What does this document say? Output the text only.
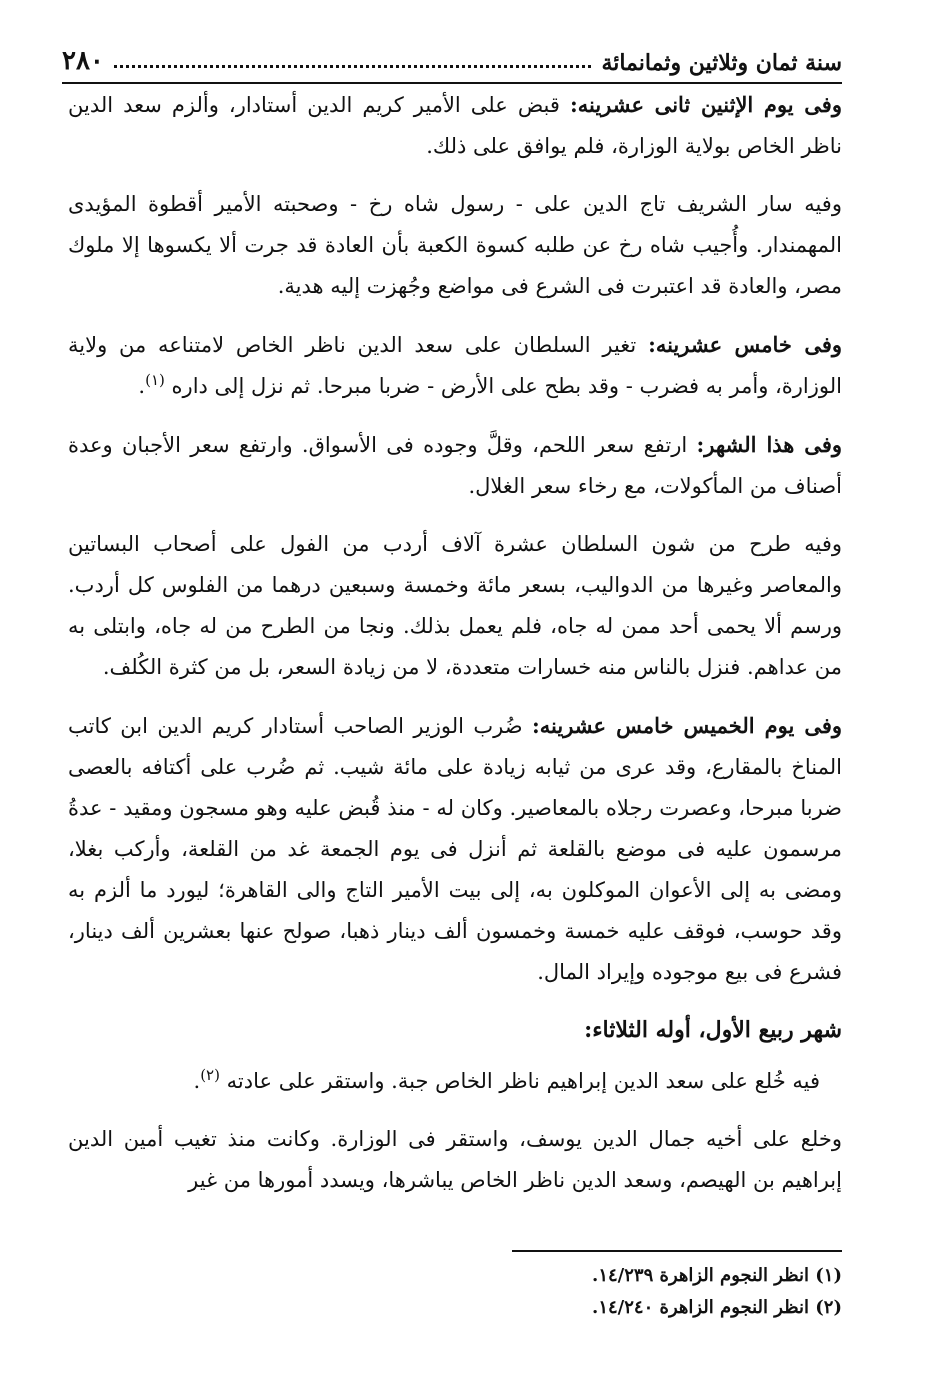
سنة ثمان وثلاثين وثمانمائة
٢٨٠

وفى يوم الإثنين ثانى عشرينه: قبض على الأمير كريم الدين أستادار، وألزم سعد الدين ناظر الخاص بولاية الوزارة، فلم يوافق على ذلك.

وفيه سار الشريف تاج الدين على - رسول شاه رخ - وصحبته الأمير أقطوة المؤيدى المهمندار. وأُجيب شاه رخ عن طلبه كسوة الكعبة بأن العادة قد جرت ألا يكسوها إلا ملوك مصر، والعادة قد اعتبرت فى الشرع فى مواضع وجُهزت إليه هدية.

وفى خامس عشرينه: تغير السلطان على سعد الدين ناظر الخاص لامتناعه من ولاية الوزارة، وأمر به فضرب - وقد بطح على الأرض - ضربا مبرحا. ثم نزل إلى داره $^{(١)}$.

وفى هذا الشهر: ارتفع سعر اللحم، وقلَّ وجوده فى الأسواق. وارتفع سعر الأجبان وعدة أصناف من المأكولات، مع رخاء سعر الغلال.

وفيه طرح من شون السلطان عشرة آلاف أردب من الفول على أصحاب البساتين والمعاصر وغيرها من الدواليب، بسعر مائة وخمسة وسبعين درهما من الفلوس كل أردب. ورسم ألا يحمى أحد ممن له جاه، فلم يعمل بذلك. ونجا من الطرح من له جاه، وابتلى به من عداهم. فنزل بالناس منه خسارات متعددة، لا من زيادة السعر، بل من كثرة الكُلف.

وفى يوم الخميس خامس عشرينه: ضُرب الوزير الصاحب أستادار كريم الدين ابن كاتب المناخ بالمقارع، وقد عرى من ثيابه زيادة على مائة شيب. ثم ضُرب على أكتافه بالعصى ضربا مبرحا، وعصرت رجلاه بالمعاصير. وكان له - منذ قُبض عليه وهو مسجون ومقيد - عدةُ مرسمون عليه فى موضع بالقلعة ثم أنزل فى يوم الجمعة غد من القلعة، وأركب بغلا، ومضى به إلى الأعوان الموكلون به، إلى بيت الأمير التاج والى القاهرة؛ ليورد ما ألزم به وقد حوسب، فوقف عليه خمسة وخمسون ألف دينار ذهبا، صولح عنها بعشرين ألف دينار، فشرع فى بيع موجوده وإيراد المال.

شهر ربيع الأول، أوله الثلاثاء:

فيه خُلع على سعد الدين إبراهيم ناظر الخاص جبة. واستقر على عادته $^{(٢)}$.

وخلع على أخيه جمال الدين يوسف، واستقر فى الوزارة. وكانت منذ تغيب أمين الدين إبراهيم بن الهيصم، وسعد الدين ناظر الخاص يباشرها، ويسدد أمورها من غير

(١) انظر النجوم الزاهرة ١٤/٢٣٩.

(٢) انظر النجوم الزاهرة ١٤/٢٤٠.
